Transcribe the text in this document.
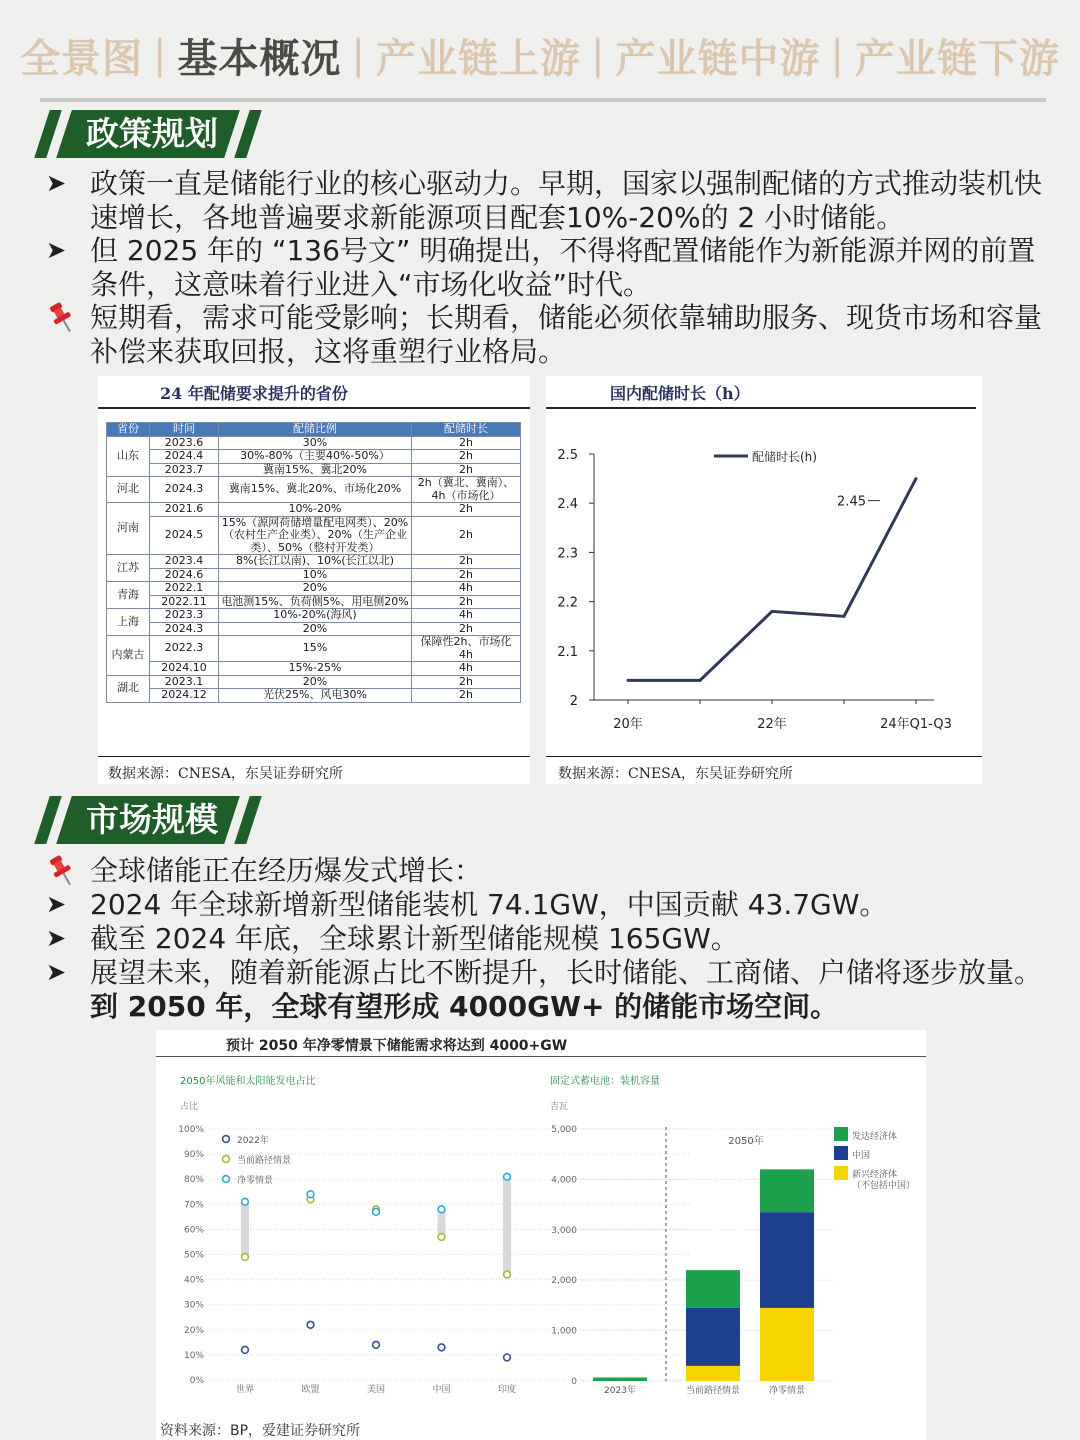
全景图 | 基本概况 | 产业链上游 | 产业链中游 | 产业链下游
政策规划
➤ 政策一直是储能行业的核心驱动力。早期，国家以强制配储的方式推动装机快速增长，各地普遍要求新能源项目配套10%-20%的 2 小时储能。
➤ 但 2025 年的 “136号文” 明确提出，不得将配置储能作为新能源并网的前置条件，这意味着行业进入“市场化收益”时代。
短期看，需求可能受影响；长期看，储能必须依靠辅助服务、现货市场和容量补偿来获取回报，这将重塑行业格局。
24 年配储要求提升的省份
省份	时间	配储比例	配储时长
山东	2023.6	30%	2h
	2024.4	30%-80%（主要40%-50%）	2h
	2023.7	冀南15%、冀北20%	2h
河北	2024.3	冀南15%、冀北20%、市场化20%	2h（冀北、冀南）、4h（市场化）
河南	2021.6	10%-20%	2h
	2024.5	15%（源网荷储增量配电网类）、20%（农村生产企业类）、20%（生产企业类）、50%（整村开发类）	2h
江苏	2023.4	8%(长江以南)、10%(长江以北)	2h
	2024.6	10%	2h
青海	2022.1	20%	4h
	2022.11	电池测15%、负荷侧5%、用电侧20%	2h
上海	2023.3	10%-20%(海风)	4h
	2024.3	20%	2h
内蒙古	2022.3	15%	保障性2h、市场化4h
	2024.10	15%-25%	4h
湖北	2023.1	20%	2h
	2024.12	光伏25%、风电30%	2h
数据来源：CNESA，东吴证券研究所
国内配储时长（h）
2
2.1
2.2
2.3
2.4
2.5
20年	22年	24年Q1-Q3
配储时长(h)
2.45
数据来源：CNESA，东吴证券研究所
市场规模
全球储能正在经历爆发式增长：
➤ 2024 年全球新增新型储能装机 74.1GW，中国贡献 43.7GW。
➤ 截至 2024 年底，全球累计新型储能规模 165GW。
➤ 展望未来，随着新能源占比不断提升，长时储能、工商储、户储将逐步放量。到 2050 年，全球有望形成 4000GW+ 的储能市场空间。
预计 2050 年净零情景下储能需求将达到 4000+GW
2050年风能和太阳能发电占比
占比
0%
10%
20%
30%
40%
50%
60%
70%
80%
90%
100%
世界	欧盟	美国	中国	印度
2022年
当前路径情景
净零情景
固定式蓄电池：装机容量
吉瓦
0
1,000
2,000
3,000
4,000
5,000
2050年
2023年	当前路径情景	净零情景
发达经济体
中国
新兴经济体（不包括中国）
资料来源：BP，爱建证券研究所
